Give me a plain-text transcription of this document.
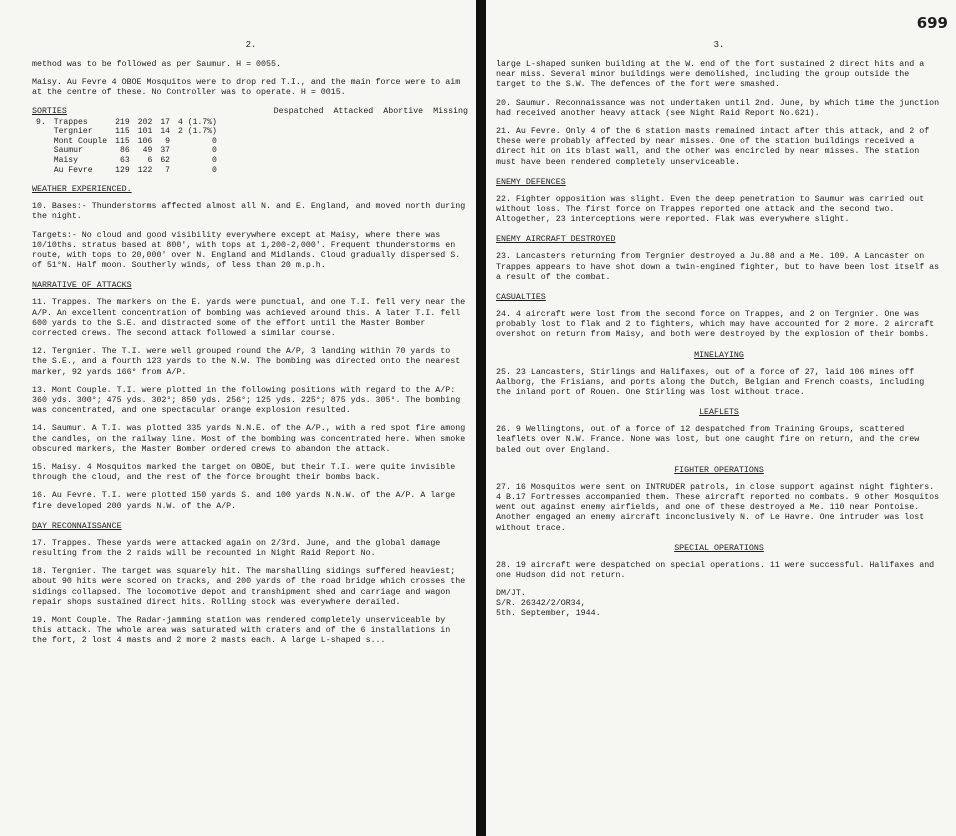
2.

method was to be followed as per Saumur. H = 0055.

Maisy. Au Fevre 4 OBOE Mosquitos were to drop red T.I., and the main force were to aim at the centre of these. No Controller was to operate. H = 0015.

SORTIES	Despatched Attacked Abortive Missing
9.	Trappes	219	202	17	4 (1.7%)
	Tergnier	115	101	14	2 (1.7%)
	Mont Couple	115	106	9	0
	Saumur	86	49	37	0
	Maisy	63	6	62	0
	Au Fevre	129	122	7	0
WEATHER EXPERIENCED.

10. Bases:- Thunderstorms affected almost all N. and E. England, and moved north during the night.

Targets:- No cloud and good visibility everywhere except at Maisy, where there was 10/10ths. stratus based at 800', with tops at 1,200-2,000'. Frequent thunderstorms en route, with tops to 20,000' over N. England and Midlands. Cloud gradually dispersed S. of 51°N. Half moon. Southerly winds, of less than 20 m.p.h.

NARRATIVE OF ATTACKS

11. Trappes. The markers on the E. yards were punctual, and one T.I. fell very near the A/P. An excellent concentration of bombing was achieved around this. A later T.I. fell 600 yards to the S.E. and distracted some of the effort until the Master Bomber corrected crews. The second attack followed a similar course.

12. Tergnier. The T.I. were well grouped round the A/P, 3 landing within 70 yards to the S.E., and a fourth 123 yards to the N.W. The bombing was directed onto the nearest marker, 92 yards 166° from A/P.

13. Mont Couple. T.I. were plotted in the following positions with regard to the A/P: 360 yds. 300°; 475 yds. 302°; 850 yds. 256°; 125 yds. 225°; 875 yds. 305°. The bombing was concentrated, and one spectacular orange explosion resulted.

14. Saumur. A T.I. was plotted 335 yards N.N.E. of the A/P., with a red spot fire among the candles, on the railway line. Most of the bombing was concentrated here. When smoke obscured markers, the Master Bomber ordered crews to abandon the attack.

15. Maisy. 4 Mosquitos marked the target on OBOE, but their T.I. were quite invisible through the cloud, and the rest of the force brought their bombs back.

16. Au Fevre. T.I. were plotted 150 yards S. and 100 yards N.N.W. of the A/P. A large fire developed 200 yards N.W. of the A/P.

DAY RECONNAISSANCE

17. Trappes. These yards were attacked again on 2/3rd. June, and the global damage resulting from the 2 raids will be recounted in Night Raid Report No.

18. Tergnier. The target was squarely hit. The marshalling sidings suffered heaviest; about 90 hits were scored on tracks, and 200 yards of the road bridge which crosses the sidings collapsed. The locomotive depot and transhipment shed and carriage and wagon repair shops sustained direct hits. Rolling stock was everywhere derailed.

19. Mont Couple. The Radar-jamming station was rendered completely unserviceable by this attack. The whole area was saturated with craters and of the 6 installations in the fort, 2 lost 4 masts and 2 more 2 masts each. A large L-shaped s...

699
3.

large L-shaped sunken building at the W. end of the fort sustained 2 direct hits and a near miss. Several minor buildings were demolished, including the group outside the target to the S.W. The defences of the fort were smashed.

20. Saumur. Reconnaissance was not undertaken until 2nd. June, by which time the junction had received another heavy attack (see Night Raid Report No.621).

21. Au Fevre. Only 4 of the 6 station masts remained intact after this attack, and 2 of these were probably affected by near misses. One of the station buildings received a direct hit on its blast wall, and the other was encircled by near misses. The station must have been rendered completely unserviceable.

ENEMY DEFENCES

22. Fighter opposition was slight. Even the deep penetration to Saumur was carried out without loss. The first force on Trappes reported one attack and the second two. Altogether, 23 interceptions were reported. Flak was everywhere slight.

ENEMY AIRCRAFT DESTROYED

23. Lancasters returning from Tergnier destroyed a Ju.88 and a Me. 109. A Lancaster on Trappes appears to have shot down a twin-engined fighter, but to have been lost itself as a result of the combat.

CASUALTIES

24. 4 aircraft were lost from the second force on Trappes, and 2 on Tergnier. One was probably lost to flak and 2 to fighters, which may have accounted for 2 more. 2 aircraft overshot on return from Maisy, and both were destroyed by the explosion of their bombs.

MINELAYING

25. 23 Lancasters, Stirlings and Halifaxes, out of a force of 27, laid 106 mines off Aalborg, the Frisians, and ports along the Dutch, Belgian and French coasts, including the inland port of Rouen. One Stirling was lost without trace.

LEAFLETS

26. 9 Wellingtons, out of a force of 12 despatched from Training Groups, scattered leaflets over N.W. France. None was lost, but one caught fire on return, and the crew baled out over England.

FIGHTER OPERATIONS

27. 16 Mosquitos were sent on INTRUDER patrols, in close support against night fighters. 4 B.17 Fortresses accompanied them. These aircraft reported no combats. 9 other Mosquitos went out against enemy airfields, and one of these destroyed a Me. 110 near Pontoise. Another engaged an enemy aircraft inconclusively N. of Le Havre. One intruder was lost without trace.

SPECIAL OPERATIONS

28. 19 aircraft were despatched on special operations. 11 were successful. Halifaxes and one Hudson did not return.

DM/JT.

S/R. 26342/2/OR34,

5th. September, 1944.
